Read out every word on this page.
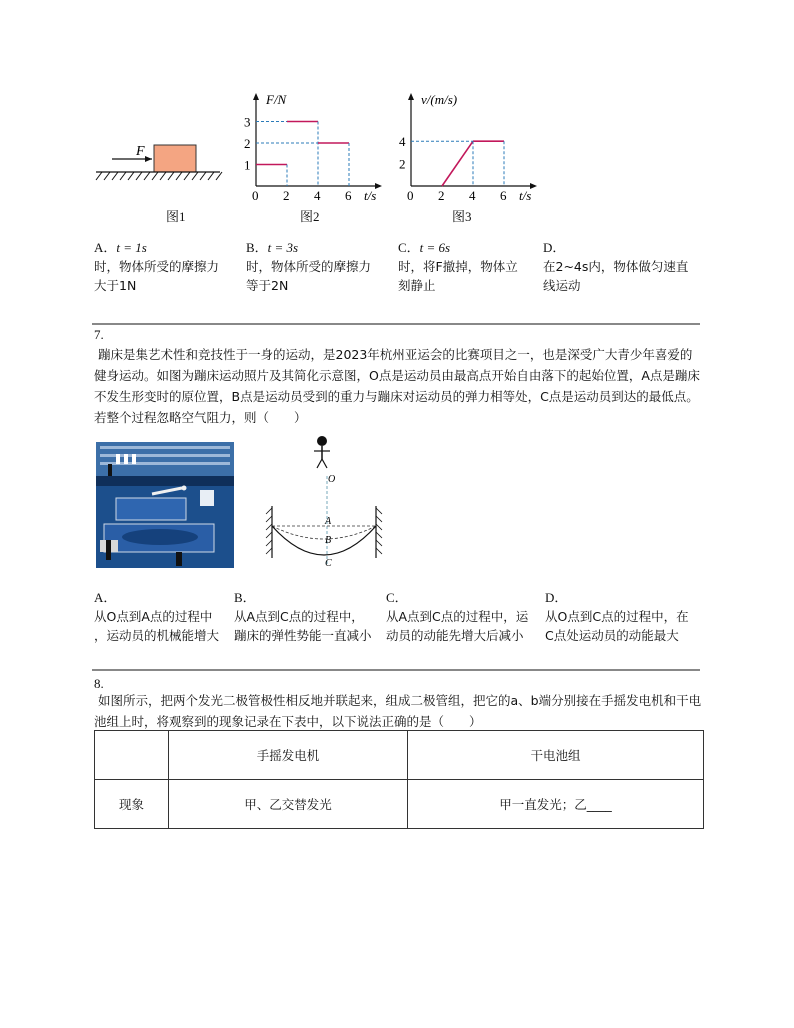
F
图1
F/N
t/s
0 2 4 6
1
2
3
图2
v/(m/s)
t/s
0 2 4 6
2
4
图3
A．t = 1s
时，物体所受的摩擦力
大于1N
B．t = 3s
时，物体所受的摩擦力
等于2N
C．t = 6s
时，将F撤掉，物体立
刻静止
D．
在2~4s内，物体做匀速直
线运动
7.
蹦床是集艺术性和竞技性于一身的运动，是2023年杭州亚运会的比赛项目之一，也是深受广大青少年喜爱的健身运动。如图为蹦床运动照片及其简化示意图，O点是运动员由最高点开始自由落下的起始位置，A点是蹦床不发生形变时的原位置，B点是运动员受到的重力与蹦床对运动员的弹力相等处，C点是运动员到达的最低点。若整个过程忽略空气阻力，则（　　）
O
A
B
C
A．
从O点到A点的过程中
，运动员的机械能增大
B．
从A点到C点的过程中，
蹦床的弹性势能一直减小
C．
从A点到C点的过程中，运
动员的动能先增大后减小
D．
从O点到C点的过程中，在
C点处运动员的动能最大
8.
如图所示，把两个发光二极管极性相反地并联起来，组成二极管组，把它的a、b端分别接在手摇发电机和干电池组上时，将观察到的现象记录在下表中，以下说法正确的是（　　）
	手摇发电机	干电池组
现象	甲、乙交替发光	甲一直发光；乙____
